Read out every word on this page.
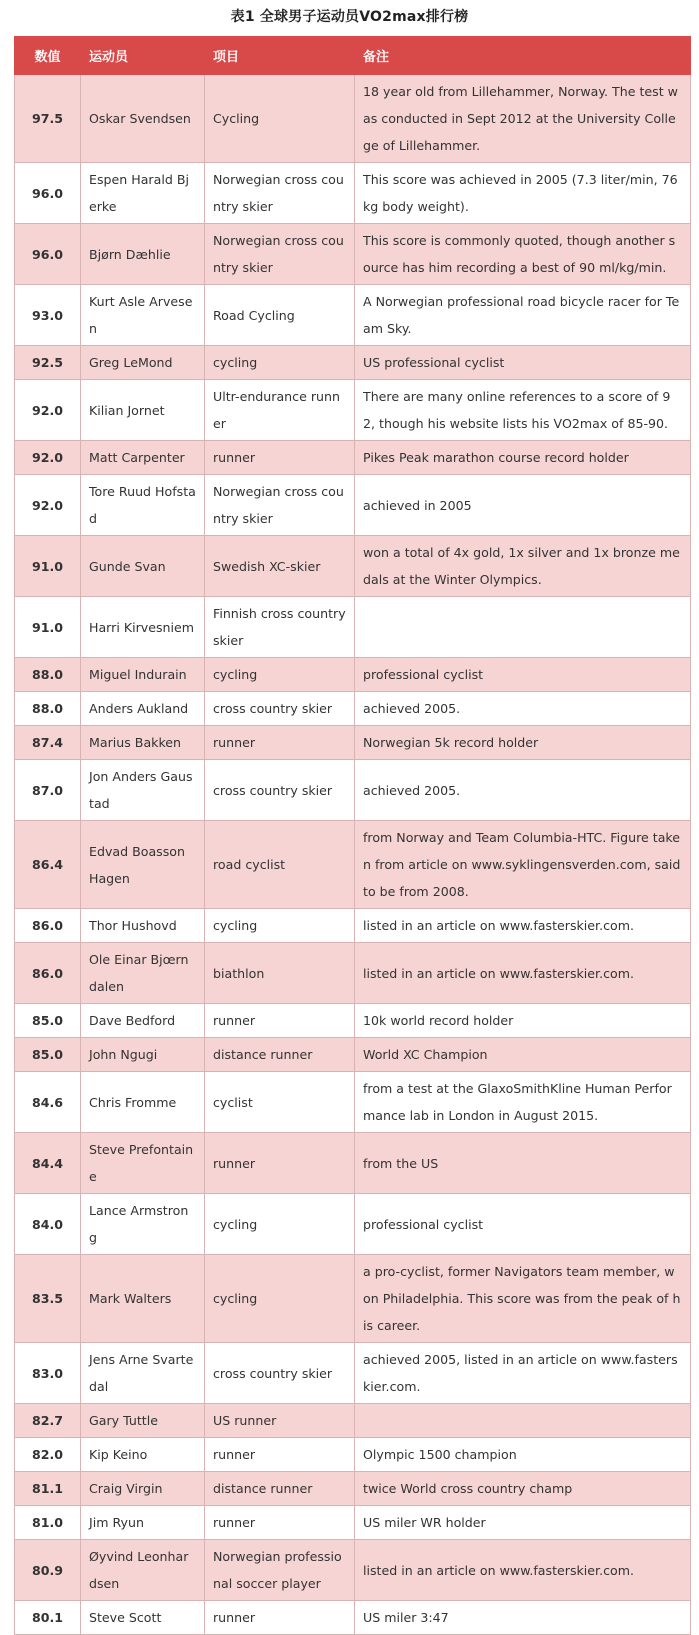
表1 全球男子运动员VO2max排行榜
数值	运动员	项目	备注
97.5	Oskar Svendsen	Cycling	18 year old from Lillehammer, Norway. The test was conducted in Sept 2012 at the University College of Lillehammer.
96.0	Espen Harald Bjerke	Norwegian cross country skier	This score was achieved in 2005 (7.3 liter/min, 76 kg body weight).
96.0	Bjørn Dæhlie	Norwegian cross country skier	This score is commonly quoted, though another source has him recording a best of 90 ml/kg/min.
93.0	Kurt Asle Arvesen	Road Cycling	A Norwegian professional road bicycle racer for Team Sky.
92.5	Greg LeMond	cycling	US professional cyclist
92.0	Kilian Jornet	Ultr-endurance runner	There are many online references to a score of 92, though his website lists his VO2max of 85-90.
92.0	Matt Carpenter	runner	Pikes Peak marathon course record holder
92.0	Tore Ruud Hofstad	Norwegian cross country skier	achieved in 2005
91.0	Gunde Svan	Swedish XC-skier	won a total of 4x gold, 1x silver and 1x bronze medals at the Winter Olympics.
91.0	Harri Kirvesniem	Finnish cross country skier	
88.0	Miguel Indurain	cycling	professional cyclist
88.0	Anders Aukland	cross country skier	achieved 2005.
87.4	Marius Bakken	runner	Norwegian 5k record holder
87.0	Jon Anders Gaustad	cross country skier	achieved 2005.
86.4	Edvad Boasson Hagen	road cyclist	from Norway and Team Columbia-HTC. Figure taken from article on www.syklingensverden.com, said to be from 2008.
86.0	Thor Hushovd	cycling	listed in an article on www.fasterskier.com.
86.0	Ole Einar Bjœrndalen	biathlon	listed in an article on www.fasterskier.com.
85.0	Dave Bedford	runner	10k world record holder
85.0	John Ngugi	distance runner	World XC Champion
84.6	Chris Fromme	cyclist	from a test at the GlaxoSmithKline Human Performance lab in London in August 2015.
84.4	Steve Prefontaine	runner	from the US
84.0	Lance Armstrong	cycling	professional cyclist
83.5	Mark Walters	cycling	a pro-cyclist, former Navigators team member, won Philadelphia. This score was from the peak of his career.
83.0	Jens Arne Svartedal	cross country skier	achieved 2005, listed in an article on www.fasterskier.com.
82.7	Gary Tuttle	US runner	
82.0	Kip Keino	runner	Olympic 1500 champion
81.1	Craig Virgin	distance runner	twice World cross country champ
81.0	Jim Ryun	runner	US miler WR holder
80.9	Øyvind Leonhardsen	Norwegian professional soccer player	listed in an article on www.fasterskier.com.
80.1	Steve Scott	runner	US miler 3:47
